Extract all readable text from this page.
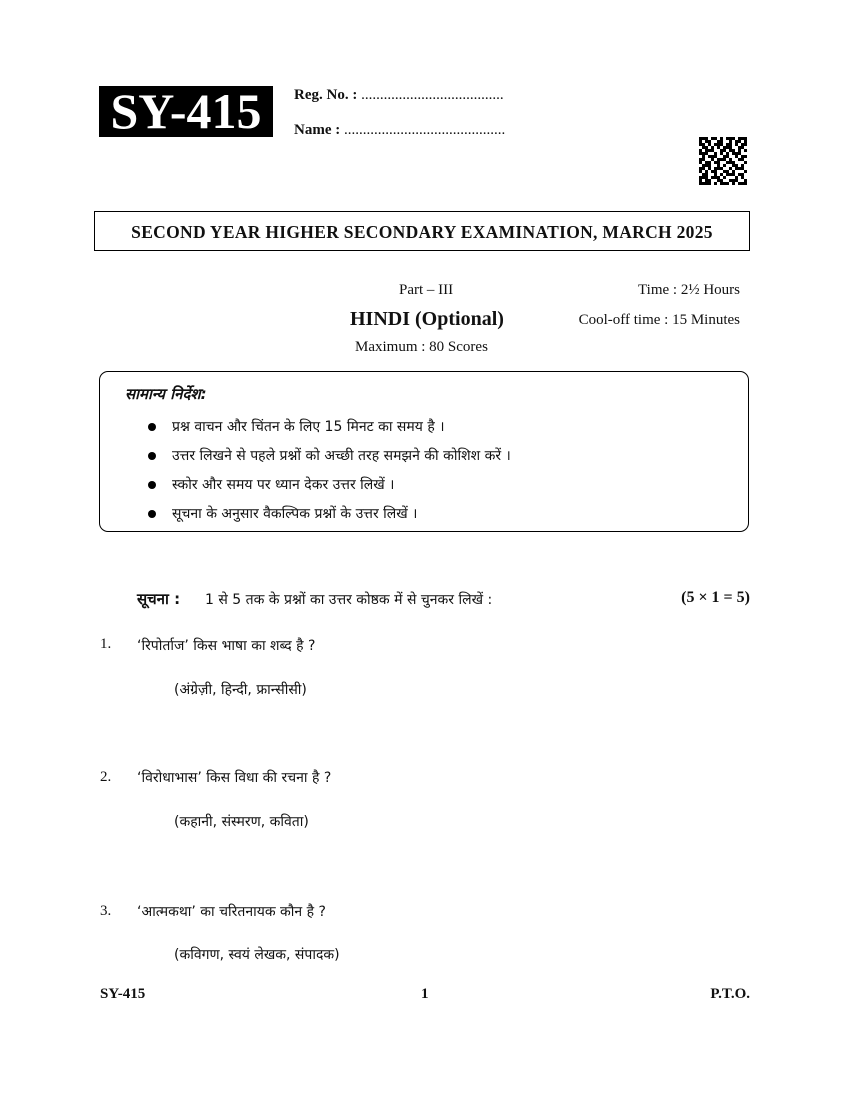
SY-415	Reg. No. : ......................................
Name : ...........................................
SECOND YEAR HIGHER SECONDARY EXAMINATION, MARCH 2025
Part – III	Time : 2½ Hours
HINDI (Optional)	Cool-off time : 15 Minutes
Maximum : 80 Scores
सामान्य निर्देश:
प्रश्न वाचन और चिंतन के लिए 15 मिनट का समय है ।
उत्तर लिखने से पहले प्रश्नों को अच्छी तरह समझने की कोशिश करें ।
स्कोर और समय पर ध्यान देकर उत्तर लिखें ।
सूचना के अनुसार वैकल्पिक प्रश्नों के उत्तर लिखें ।
सूचना : 1 से 5 तक के प्रश्नों का उत्तर कोष्ठक में से चुनकर लिखें :	(5 × 1 = 5)
1. ‘रिपोर्ताज’ किस भाषा का शब्द है ?
(अंग्रेज़ी, हिन्दी, फ्रान्सीसी)
2. ‘विरोधाभास’ किस विधा की रचना है ?
(कहानी, संस्मरण, कविता)
3. ‘आत्मकथा’ का चरितनायक कौन है ?
(कविगण, स्वयं लेखक, संपादक)
SY-415	1	P.T.O.
